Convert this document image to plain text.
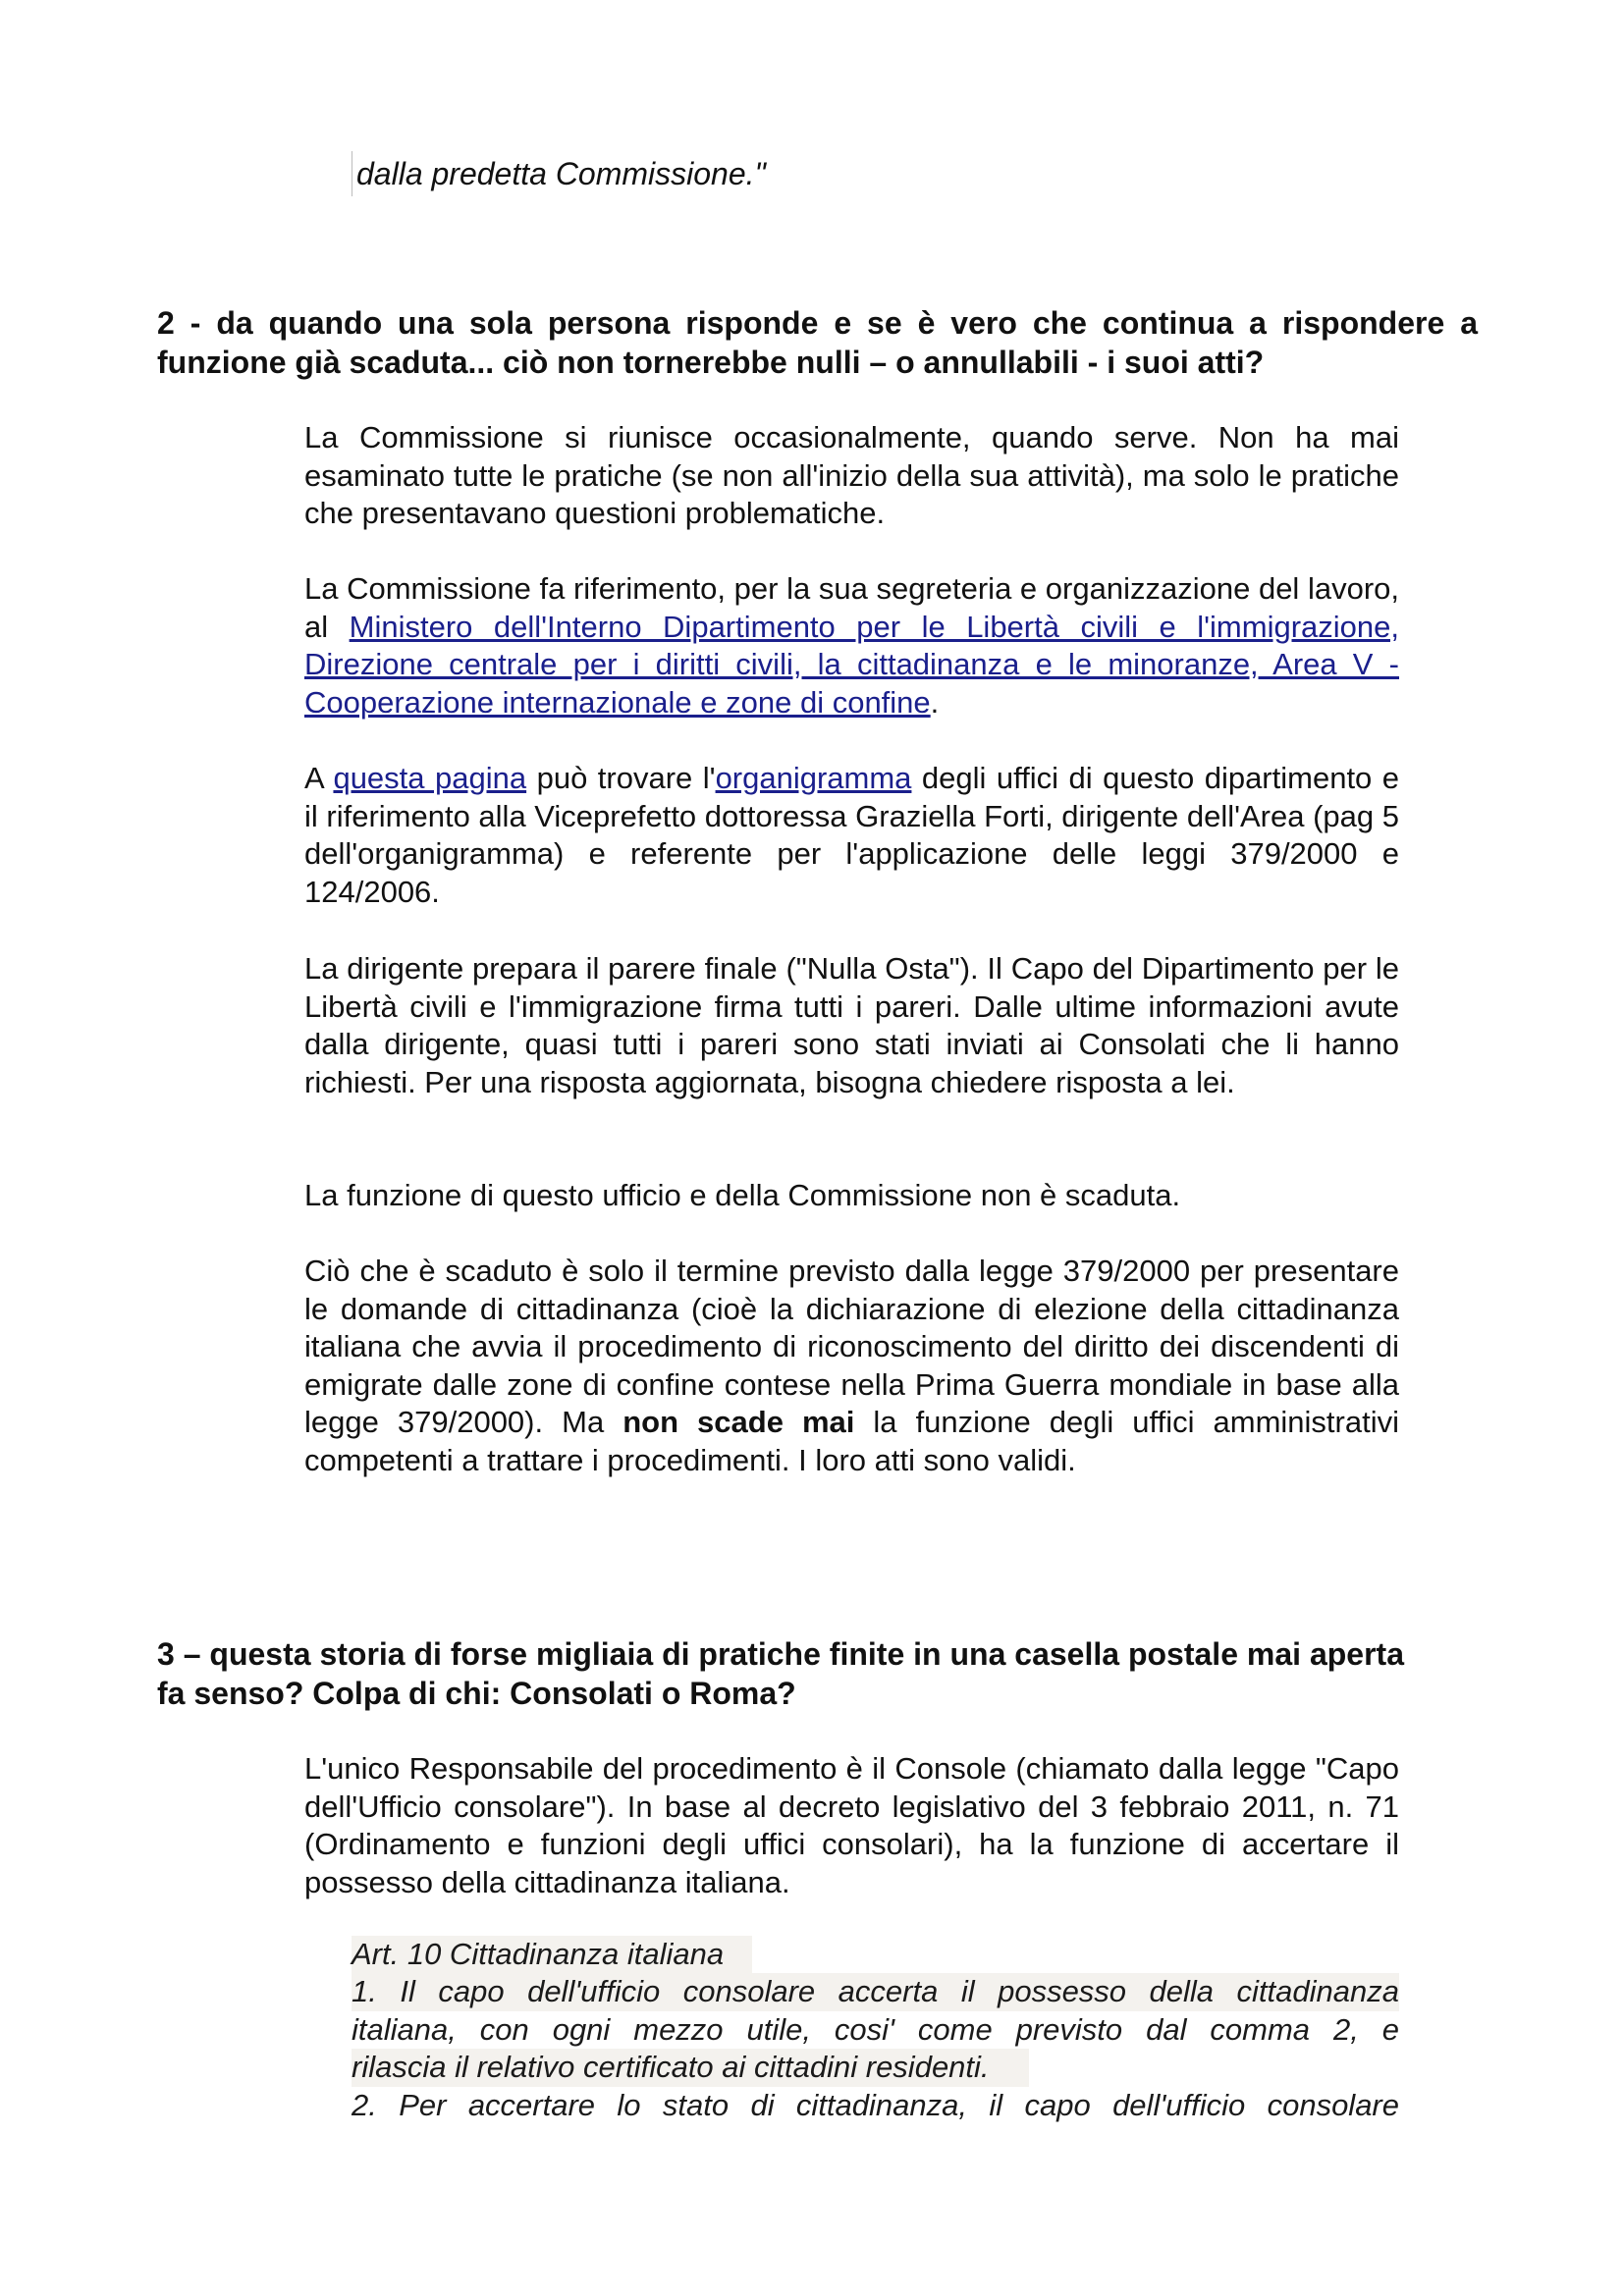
dalla predetta Commissione."

2 - da quando una sola persona risponde e se è vero che continua a rispondere a funzione già scaduta... ciò non tornerebbe nulli – o annullabili - i suoi atti?

La Commissione si riunisce occasionalmente, quando serve. Non ha mai esaminato tutte le pratiche (se non all'inizio della sua attività), ma solo le pratiche che presentavano questioni problematiche.

La Commissione fa riferimento, per la sua segreteria e organizzazione del lavoro, al Ministero dell'Interno Dipartimento per le Libertà civili e l'immigrazione, Direzione centrale per i diritti civili, la cittadinanza e le minoranze, Area V - Cooperazione internazionale e zone di confine.

A questa pagina può trovare l'organigramma degli uffici di questo dipartimento e il riferimento alla Viceprefetto dottoressa Graziella Forti, dirigente dell'Area (pag 5 dell'organigramma) e referente per l'applicazione delle leggi 379/2000 e 124/2006.

La dirigente prepara il parere finale ("Nulla Osta"). Il Capo del Dipartimento per le Libertà civili e l'immigrazione firma tutti i pareri. Dalle ultime informazioni avute dalla dirigente, quasi tutti i pareri sono stati inviati ai Consolati che li hanno richiesti. Per una risposta aggiornata, bisogna chiedere risposta a lei.

La funzione di questo ufficio e della Commissione non è scaduta.

Ciò che è scaduto è solo il termine previsto dalla legge 379/2000 per presentare le domande di cittadinanza (cioè la dichiarazione di elezione della cittadinanza italiana che avvia il procedimento di riconoscimento del diritto dei discendenti di emigrate dalle zone di confine contese nella Prima Guerra mondiale in base alla legge 379/2000). Ma non scade mai la funzione degli uffici amministrativi competenti a trattare i procedimenti. I loro atti sono validi.

3 – questa storia di forse migliaia di pratiche finite in una casella postale mai aperta fa senso? Colpa di chi: Consolati o Roma?

L'unico Responsabile del procedimento è il Console (chiamato dalla legge "Capo dell'Ufficio consolare"). In base al decreto legislativo del 3 febbraio 2011, n. 71 (Ordinamento e funzioni degli uffici consolari), ha la funzione di accertare il possesso della cittadinanza italiana.

Art. 10 Cittadinanza italiana
1. Il capo dell'ufficio consolare accerta il possesso della cittadinanza
italiana, con ogni mezzo utile, cosi' come previsto dal comma 2, e
rilascia il relativo certificato ai cittadini residenti.
2. Per accertare lo stato di cittadinanza, il capo dell'ufficio consolare
